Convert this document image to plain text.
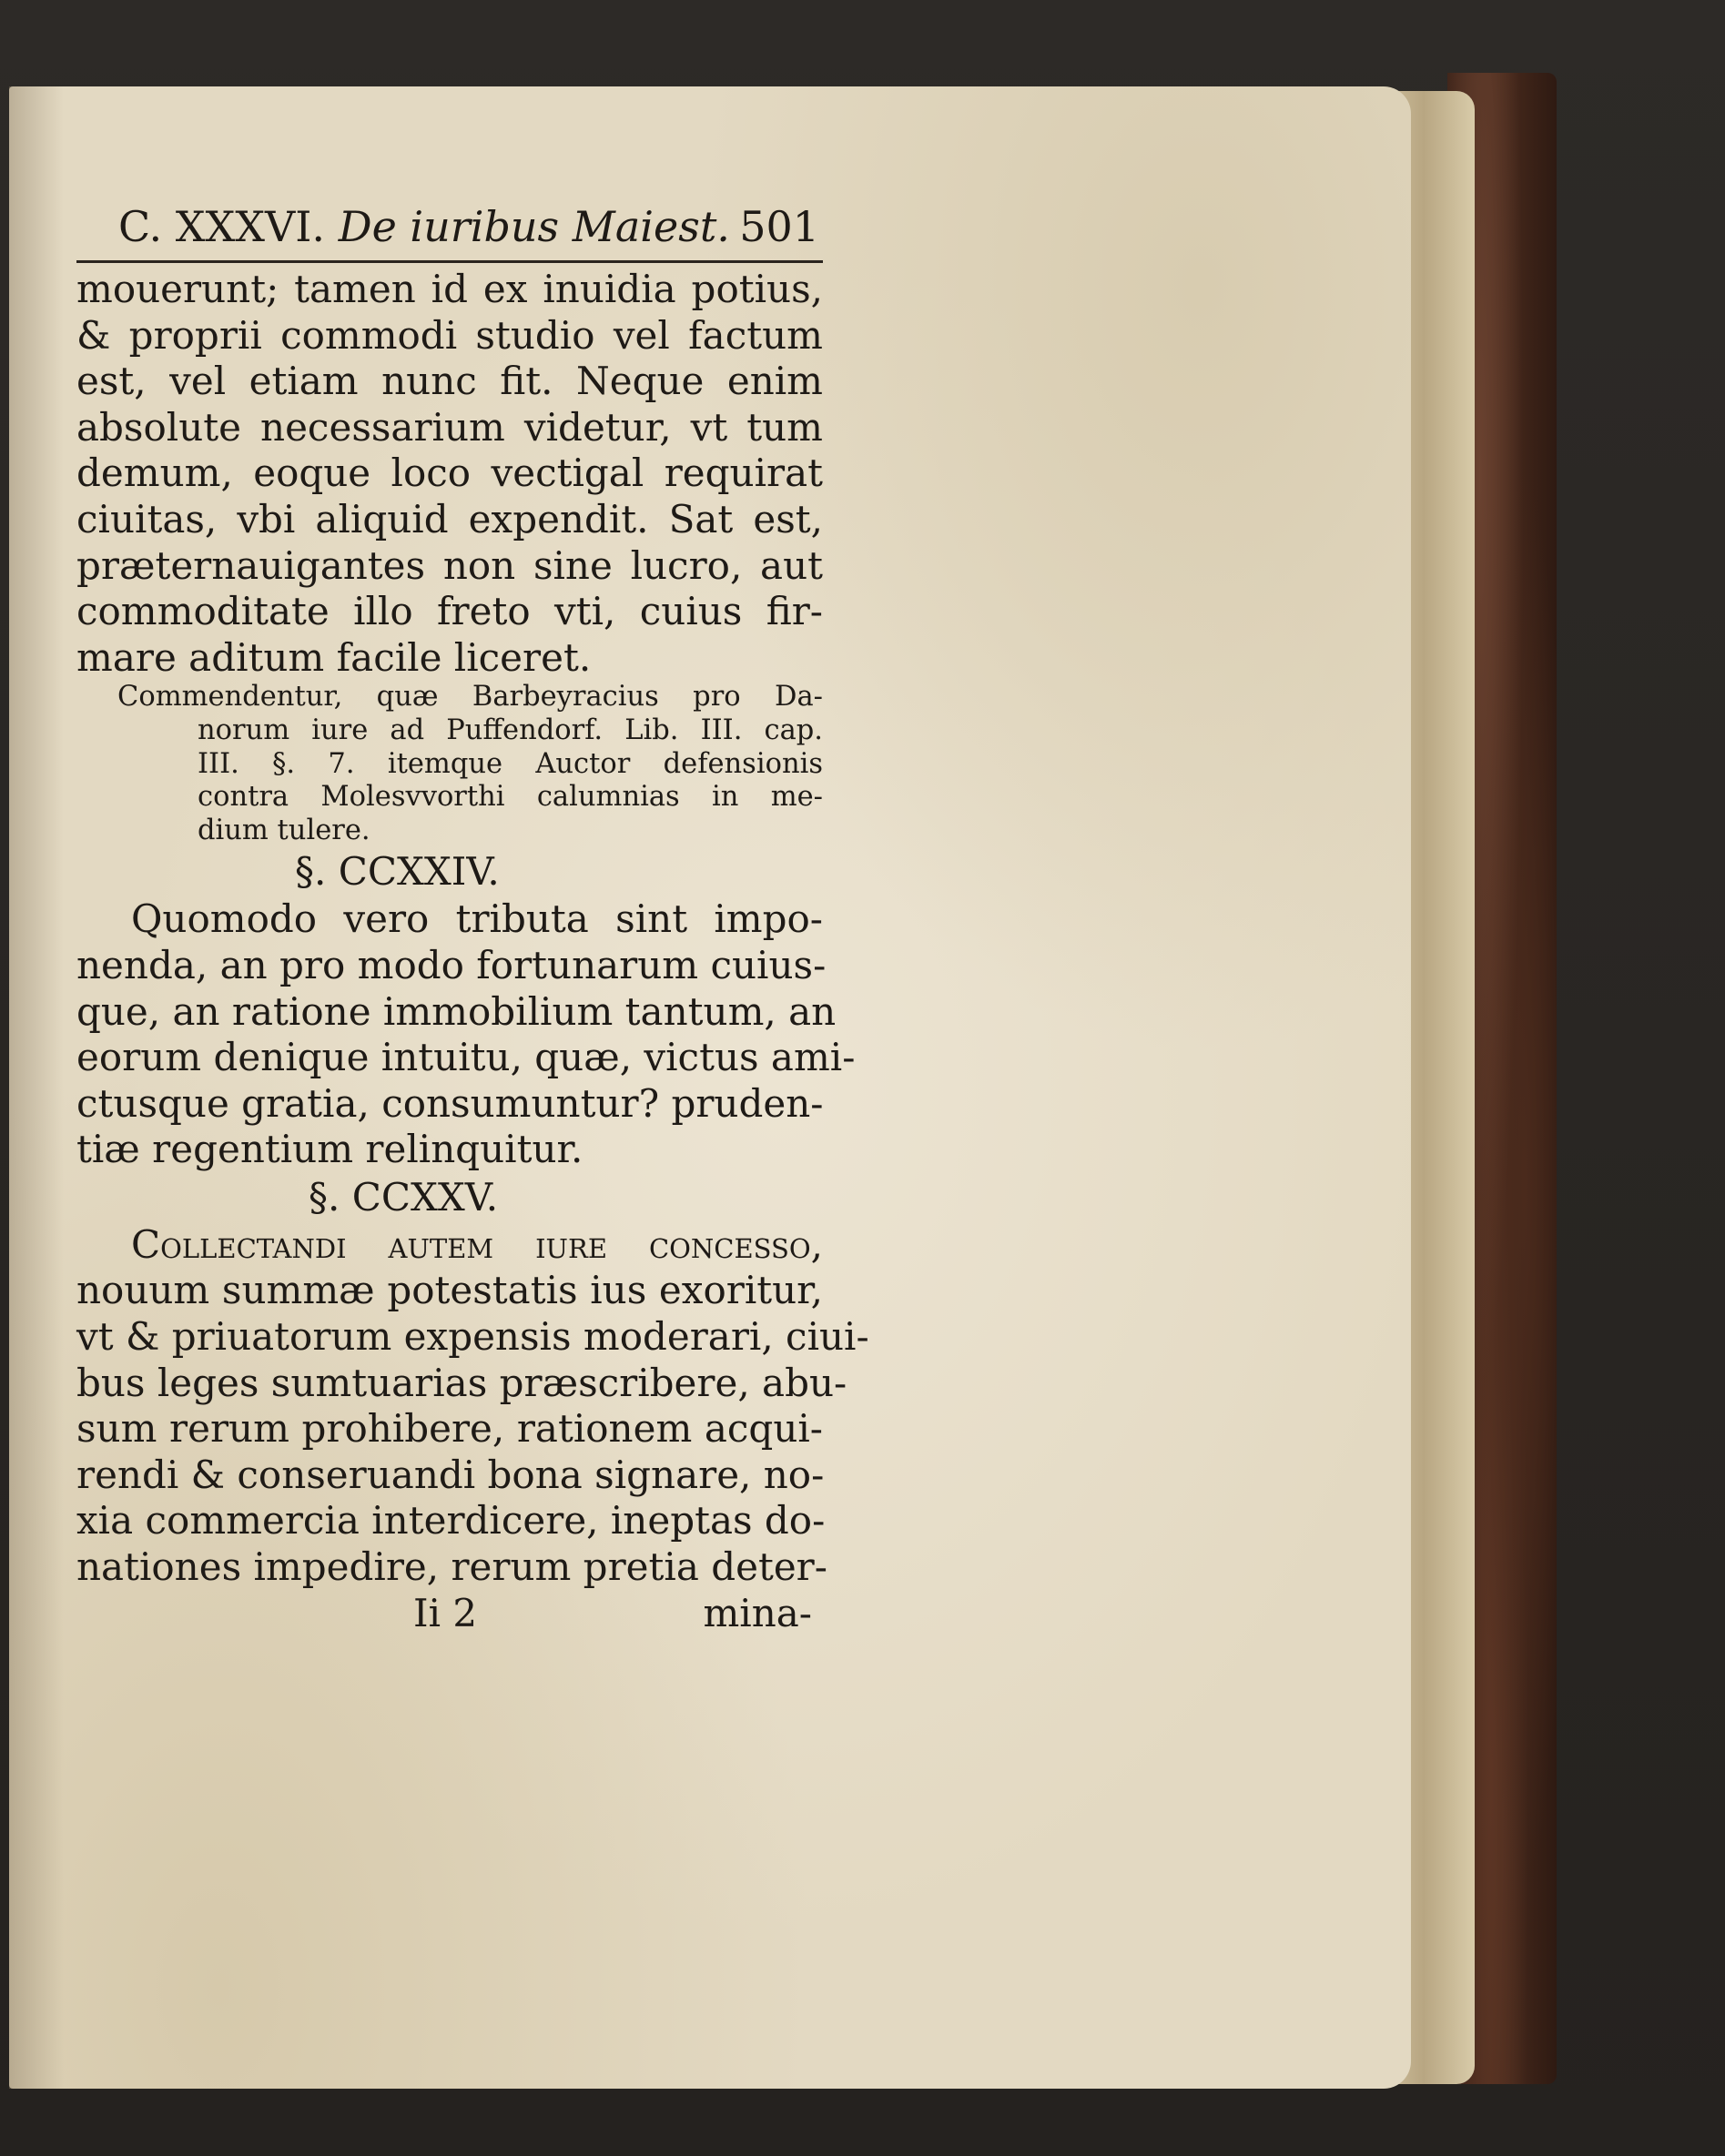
C. XXXVI. De iuribus Maiest. 501

mouerunt; tamen id ex inuidia potius,
& proprii commodi studio vel factum
est, vel etiam nunc fit. Neque enim
absolute necessarium videtur, vt tum
demum, eoque loco vectigal requirat
ciuitas, vbi aliquid expendit. Sat est,
præternauigantes non sine lucro, aut
commoditate illo freto vti, cuius fir-
mare aditum facile liceret.

Commendentur, quæ Barbeyracius pro Da-
norum iure ad Puffendorf. Lib. III. cap.
III. §. 7. itemque Auctor defensionis
contra Molesvvorthi calumnias in me-
dium tulere.
§. CCXXIV.

Quomodo vero tributa sint impo-
nenda, an pro modo fortunarum cuius-
que, an ratione immobilium tantum, an
eorum denique intuitu, quæ, victus ami-
ctusque gratia, consumuntur? pruden-
tiæ regentium relinquitur.

§. CCXXV.

Collectandi autem iure concesso,
nouum summæ potestatis ius exoritur,
vt & priuatorum expensis moderari, ciui-
bus leges sumtuarias præscribere, abu-
sum rerum prohibere, rationem acqui-
rendi & conseruandi bona signare, no-
xia commercia interdicere, ineptas do-
nationes impedire, rerum pretia deter-

Ii 2	mina-
